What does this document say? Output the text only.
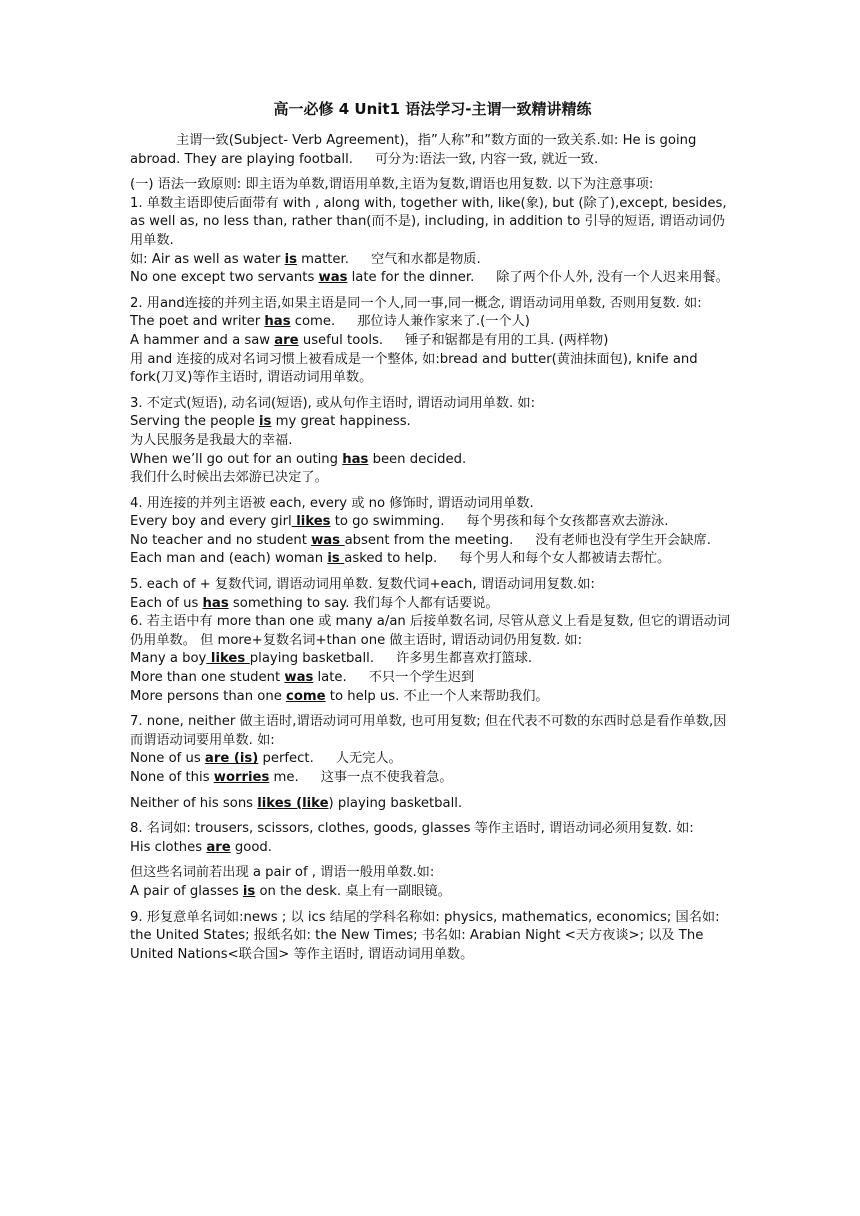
高一必修 4 Unit1 语法学习-主谓一致精讲精练

主谓一致(Subject- Verb Agreement)，指”人称”和”数方面的一致关系.如: He is going abroad. They are playing football. 可分为:语法一致, 内容一致, 就近一致.

(一) 语法一致原则: 即主语为单数,谓语用单数,主语为复数,谓语也用复数. 以下为注意事项:

1. 单数主语即使后面带有 with , along with, together with, like(象), but (除了),except, besides, as well as, no less than, rather than(而不是), including, in addition to 引导的短语, 谓语动词仍用单数.

如: Air as well as water is matter. 空气和水都是物质.

No one except two servants was late for the dinner. 除了两个仆人外, 没有一个人迟来用餐。

2. 用and连接的并列主语,如果主语是同一个人,同一事,同一概念, 谓语动词用单数, 否则用复数. 如:

The poet and writer has come. 那位诗人兼作家来了.(一个人)

A hammer and a saw are useful tools. 锤子和锯都是有用的工具. (两样物)

用 and 连接的成对名词习惯上被看成是一个整体, 如:bread and butter(黄油抹面包), knife and fork(刀叉)等作主语时, 谓语动词用单数。

3. 不定式(短语), 动名词(短语), 或从句作主语时, 谓语动词用单数. 如:

Serving the people is my great happiness.

为人民服务是我最大的幸福.

When we’ll go out for an outing has been decided.

我们什么时候出去郊游已决定了。

4. 用连接的并列主语被 each, every 或 no 修饰时, 谓语动词用单数.

Every boy and every girl likes to go swimming. 每个男孩和每个女孩都喜欢去游泳.

No teacher and no student was absent from the meeting. 没有老师也没有学生开会缺席.

Each man and (each) woman is asked to help. 每个男人和每个女人都被请去帮忙。

5. each of + 复数代词, 谓语动词用单数. 复数代词+each, 谓语动词用复数.如:

Each of us has something to say. 我们每个人都有话要说。

6. 若主语中有 more than one 或 many a/an 后接单数名词, 尽管从意义上看是复数, 但它的谓语动词仍用单数。 但 more+复数名词+than one 做主语时, 谓语动词仍用复数. 如:

Many a boy likes playing basketball. 许多男生都喜欢打篮球.

More than one student was late. 不只一个学生迟到

More persons than one come to help us. 不止一个人来帮助我们。

7. none, neither 做主语时,谓语动词可用单数, 也可用复数; 但在代表不可数的东西时总是看作单数,因而谓语动词要用单数. 如:

None of us are (is) perfect. 人无完人。

None of this worries me. 这事一点不使我着急。

Neither of his sons likes (like) playing basketball.

8. 名词如: trousers, scissors, clothes, goods, glasses 等作主语时, 谓语动词必须用复数. 如:

His clothes are good.

但这些名词前若出现 a pair of , 谓语一般用单数.如:

A pair of glasses is on the desk. 桌上有一副眼镜。

9. 形复意单名词如:news ; 以 ics 结尾的学科名称如: physics, mathematics, economics; 国名如: the United States; 报纸名如: the New Times; 书名如: Arabian Night <天方夜谈>; 以及 The United Nations<联合国> 等作主语时, 谓语动词用单数。
